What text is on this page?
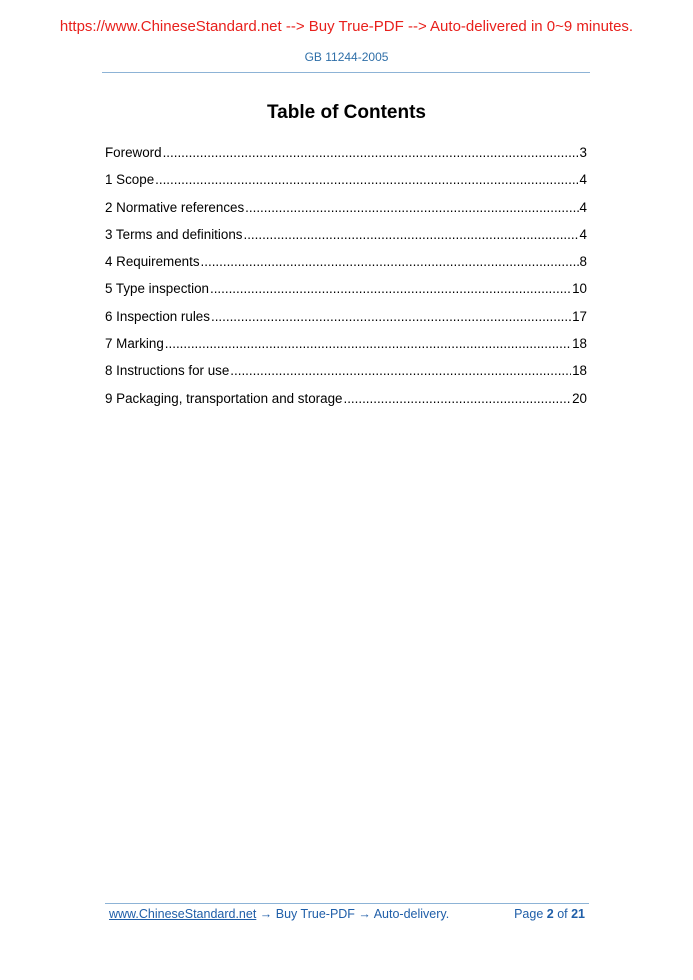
https://www.ChineseStandard.net --> Buy True-PDF --> Auto-delivered in 0~9 minutes.
GB 11244-2005
Table of Contents
Foreword .....	3
1 Scope .....	4
2 Normative references .....	4
3 Terms and definitions .....	4
4 Requirements .....	8
5 Type inspection .....	10
6 Inspection rules .....	17
7 Marking .....	18
8 Instructions for use .....	18
9 Packaging, transportation and storage .....	20
www.ChineseStandard.net → Buy True-PDF → Auto-delivery.	Page 2 of 21
